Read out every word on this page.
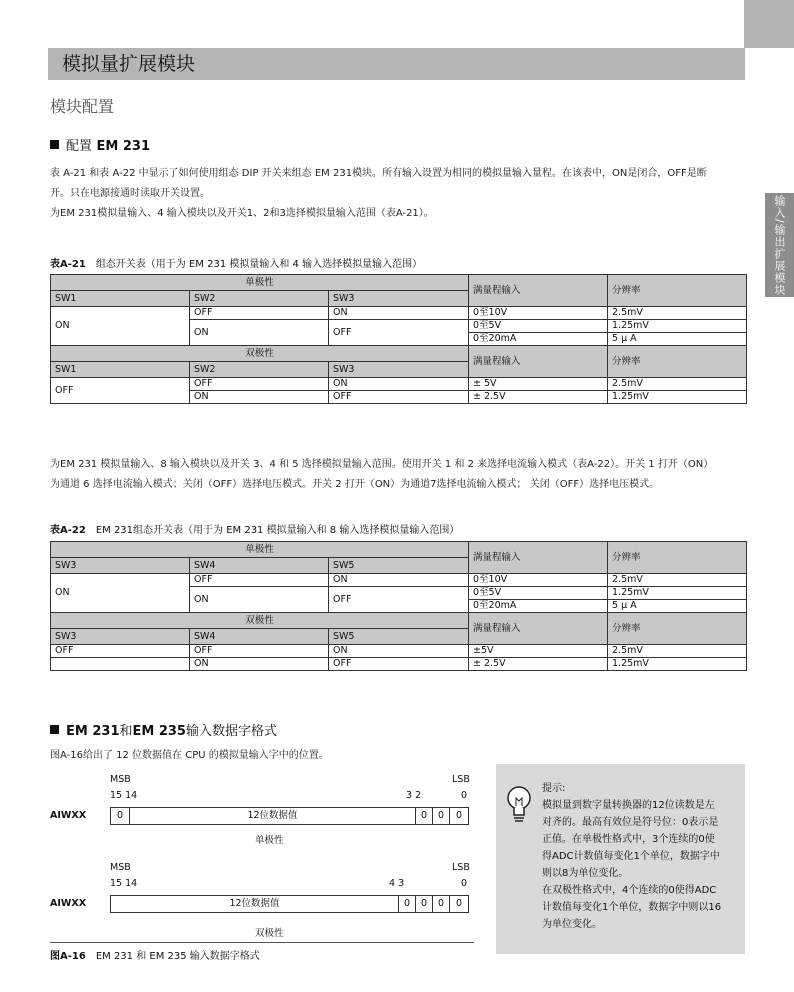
模拟量扩展模块
模块配置
配置 EM 231
表 A-21 和表 A-22 中显示了如何使用组态 DIP 开关来组态 EM 231模块。所有输入设置为相同的模拟量输入量程。在该表中，ON是闭合，OFF是断
开。只在电源接通时读取开关设置。
为EM 231模拟量输入、4 输入模块以及开关1、2和3选择模拟量输入范围（表A-21）。	输入/输出扩展模块
表A-21 组态开关表（用于为 EM 231 模拟量输入和 4 输入选择模拟量输入范围）
单极性			满量程输入	分辨率
SW1	SW2	SW3		
ON	OFF	ON	0至10V	2.5mV
	ON	OFF	0至5V	1.25mV
			0至20mA	5 μ A
双极性			满量程输入	分辨率
SW1	SW2	SW3		
OFF	OFF	ON	± 5V	2.5mV
	ON	OFF	± 2.5V	1.25mV
为EM 231 模拟量输入、8 输入模块以及开关 3、4 和 5 选择模拟量输入范围。使用开关 1 和 2 来选择电流输入模式（表A-22）。开关 1 打开（ON）
为通道 6 选择电流输入模式；关闭（OFF）选择电压模式。开关 2 打开（ON）为通道7选择电流输入模式； 关闭（OFF）选择电压模式。
表A-22 EM 231组态开关表（用于为 EM 231 模拟量输入和 8 输入选择模拟量输入范围）
单极性			满量程输入	分辨率
SW3	SW4	SW5		
ON	OFF	ON	0至10V	2.5mV
	ON	OFF	0至5V	1.25mV
			0至20mA	5 μ A
双极性			满量程输入	分辨率
SW3	SW4	SW5		
OFF	OFF	ON	±5V	2.5mV
	ON	OFF	± 2.5V	1.25mV
EM 231和EM 235输入数据字格式
图A-16给出了 12 位数据值在 CPU 的模拟量输入字中的位置。
MSB	LSB
15 14	3 2	0
AIWXX	0	12位数据值	0	0	0
单极性
MSB	LSB
15 14	4 3	0
AIWXX	12位数据值	0	0	0	0
双极性
图A-16 EM 231 和 EM 235 输入数据字格式
提示:
模拟量到数字量转换器的12位读数是左
对齐的。最高有效位是符号位：0表示是
正值。在单极性格式中，3个连续的0使
得ADC计数值每变化1个单位，数据字中
则以8为单位变化。
在双极性格式中，4个连续的0使得ADC
计数值每变化1个单位，数据字中则以16
为单位变化。
